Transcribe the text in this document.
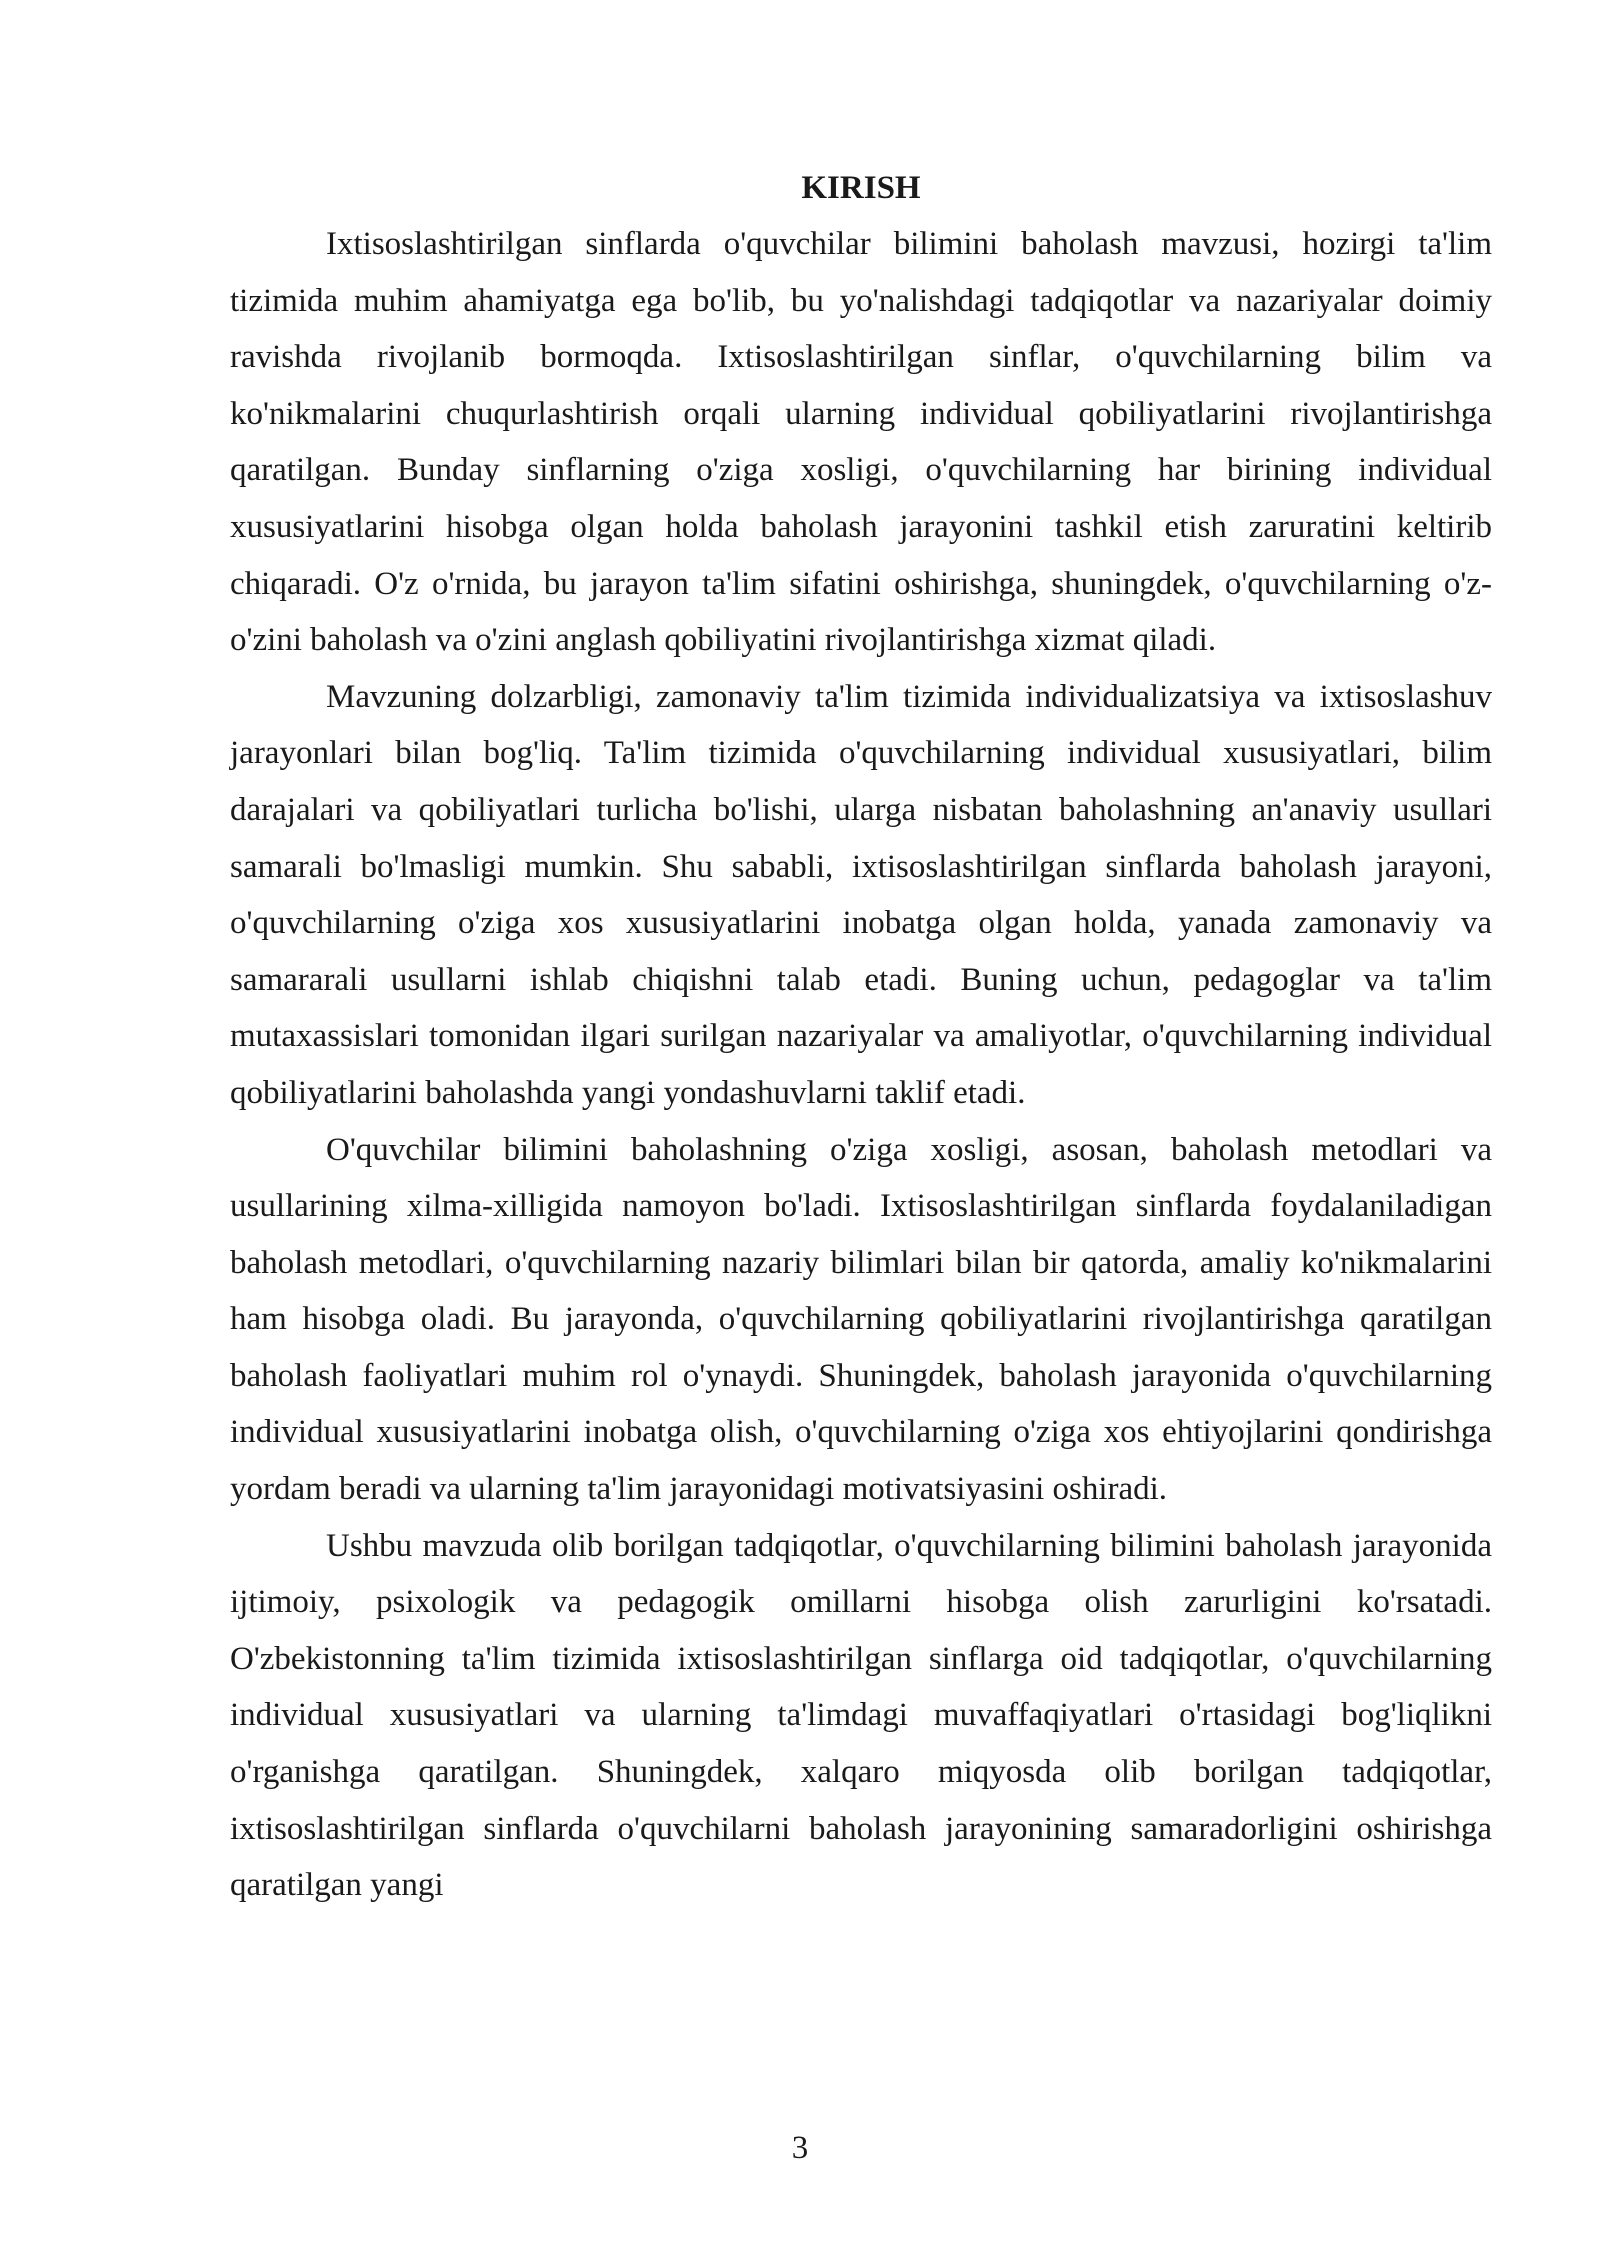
KIRISH

Ixtisoslashtirilgan sinflarda o'quvchilar bilimini baholash mavzusi, hozirgi ta'lim tizimida muhim ahamiyatga ega bo'lib, bu yo'nalishdagi tadqiqotlar va nazariyalar doimiy ravishda rivojlanib bormoqda. Ixtisoslashtirilgan sinflar, o'quvchilarning bilim va ko'nikmalarini chuqurlashtirish orqali ularning individual qobiliyatlarini rivojlantirishga qaratilgan. Bunday sinflarning o'ziga xosligi, o'quvchilarning har birining individual xususiyatlarini hisobga olgan holda baholash jarayonini tashkil etish zaruratini keltirib chiqaradi. O'z o'rnida, bu jarayon ta'lim sifatini oshirishga, shuningdek, o'quvchilarning o'z-o'zini baholash va o'zini anglash qobiliyatini rivojlantirishga xizmat qiladi.

Mavzuning dolzarbligi, zamonaviy ta'lim tizimida individualizatsiya va ixtisoslashuv jarayonlari bilan bog'liq. Ta'lim tizimida o'quvchilarning individual xususiyatlari, bilim darajalari va qobiliyatlari turlicha bo'lishi, ularga nisbatan baholashning an'anaviy usullari samarali bo'lmasligi mumkin. Shu sababli, ixtisoslashtirilgan sinflarda baholash jarayoni, o'quvchilarning o'ziga xos xususiyatlarini inobatga olgan holda, yanada zamonaviy va samararali usullarni ishlab chiqishni talab etadi. Buning uchun, pedagoglar va ta'lim mutaxassislari tomonidan ilgari surilgan nazariyalar va amaliyotlar, o'quvchilarning individual qobiliyatlarini baholashda yangi yondashuvlarni taklif etadi.

O'quvchilar bilimini baholashning o'ziga xosligi, asosan, baholash metodlari va usullarining xilma-xilligida namoyon bo'ladi. Ixtisoslashtirilgan sinflarda foydalaniladigan baholash metodlari, o'quvchilarning nazariy bilimlari bilan bir qatorda, amaliy ko'nikmalarini ham hisobga oladi. Bu jarayonda, o'quvchilarning qobiliyatlarini rivojlantirishga qaratilgan baholash faoliyatlari muhim rol o'ynaydi. Shuningdek, baholash jarayonida o'quvchilarning individual xususiyatlarini inobatga olish, o'quvchilarning o'ziga xos ehtiyojlarini qondirishga yordam beradi va ularning ta'lim jarayonidagi motivatsiyasini oshiradi.

Ushbu mavzuda olib borilgan tadqiqotlar, o'quvchilarning bilimini baholash jarayonida ijtimoiy, psixologik va pedagogik omillarni hisobga olish zarurligini ko'rsatadi. O'zbekistonning ta'lim tizimida ixtisoslashtirilgan sinflarga oid tadqiqotlar, o'quvchilarning individual xususiyatlari va ularning ta'limdagi muvaffaqiyatlari o'rtasidagi bog'liqlikni o'rganishga qaratilgan. Shuningdek, xalqaro miqyosda olib borilgan tadqiqotlar, ixtisoslashtirilgan sinflarda o'quvchilarni baholash jarayonining samaradorligini oshirishga qaratilgan yangi

3
